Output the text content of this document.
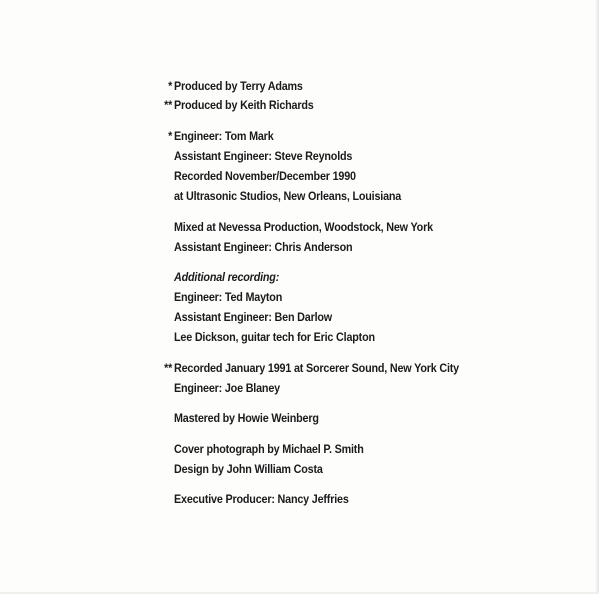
* Produced by Terry Adams
** Produced by Keith Richards
* Engineer: Tom Mark
Assistant Engineer: Steve Reynolds
Recorded November/December 1990
at Ultrasonic Studios, New Orleans, Louisiana
Mixed at Nevessa Production, Woodstock, New York
Assistant Engineer: Chris Anderson
Additional recording:
Engineer: Ted Mayton
Assistant Engineer: Ben Darlow
Lee Dickson, guitar tech for Eric Clapton
** Recorded January 1991 at Sorcerer Sound, New York City
Engineer: Joe Blaney
Mastered by Howie Weinberg
Cover photograph by Michael P. Smith
Design by John William Costa
Executive Producer: Nancy Jeffries
